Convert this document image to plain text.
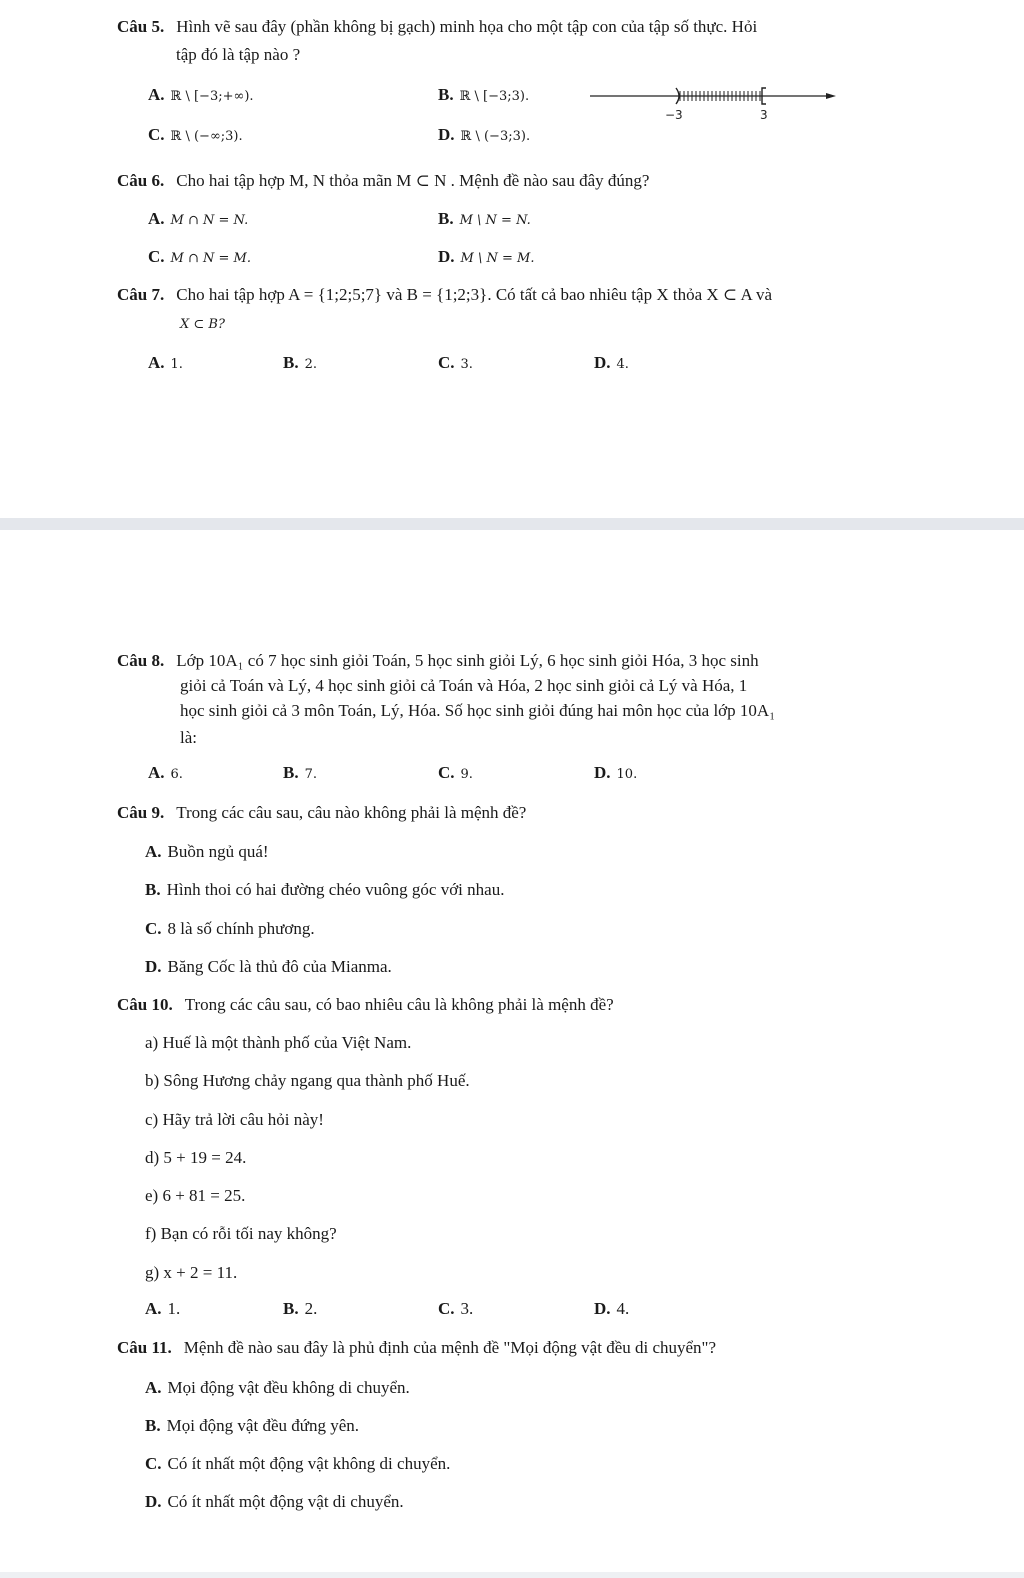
Câu 5. Hình vẽ sau đây (phần không bị gạch) minh họa cho một tập con của tập số thực. Hỏi
tập đó là tập nào ?
A. ℝ \ [−3;+∞).	B. ℝ \ [−3;3).
C. ℝ \ (−∞;3).	D. ℝ \ (−3;3).
−3	3
Câu 6. Cho hai tập hợp M, N thỏa mãn M ⊂ N . Mệnh đề nào sau đây đúng?
A. M ∩ N = N.	B. M \ N = N.
C. M ∩ N = M.	D. M \ N = M.
Câu 7. Cho hai tập hợp A = {1;2;5;7} và B = {1;2;3}. Có tất cả bao nhiêu tập X thỏa X ⊂ A và
X ⊂ B?
A. 1.	B. 2.	C. 3.	D. 4.
Câu 8. Lớp 10A₁ có 7 học sinh giỏi Toán, 5 học sinh giỏi Lý, 6 học sinh giỏi Hóa, 3 học sinh
giỏi cả Toán và Lý, 4 học sinh giỏi cả Toán và Hóa, 2 học sinh giỏi cả Lý và Hóa, 1
học sinh giỏi cả 3 môn Toán, Lý, Hóa. Số học sinh giỏi đúng hai môn học của lớp 10A₁
là:
A. 6.	B. 7.	C. 9.	D. 10.
Câu 9. Trong các câu sau, câu nào không phải là mệnh đề?
A. Buồn ngủ quá!
B. Hình thoi có hai đường chéo vuông góc với nhau.
C. 8 là số chính phương.
D. Băng Cốc là thủ đô của Mianma.
Câu 10. Trong các câu sau, có bao nhiêu câu là không phải là mệnh đề?
a) Huế là một thành phố của Việt Nam.
b) Sông Hương chảy ngang qua thành phố Huế.
c) Hãy trả lời câu hỏi này!
d) 5 + 19 = 24.
e) 6 + 81 = 25.
f) Bạn có rỗi tối nay không?
g) x + 2 = 11.
A. 1.	B. 2.	C. 3.	D. 4.
Câu 11. Mệnh đề nào sau đây là phủ định của mệnh đề "Mọi động vật đều di chuyển"?
A. Mọi động vật đều không di chuyển.
B. Mọi động vật đều đứng yên.
C. Có ít nhất một động vật không di chuyển.
D. Có ít nhất một động vật di chuyển.
